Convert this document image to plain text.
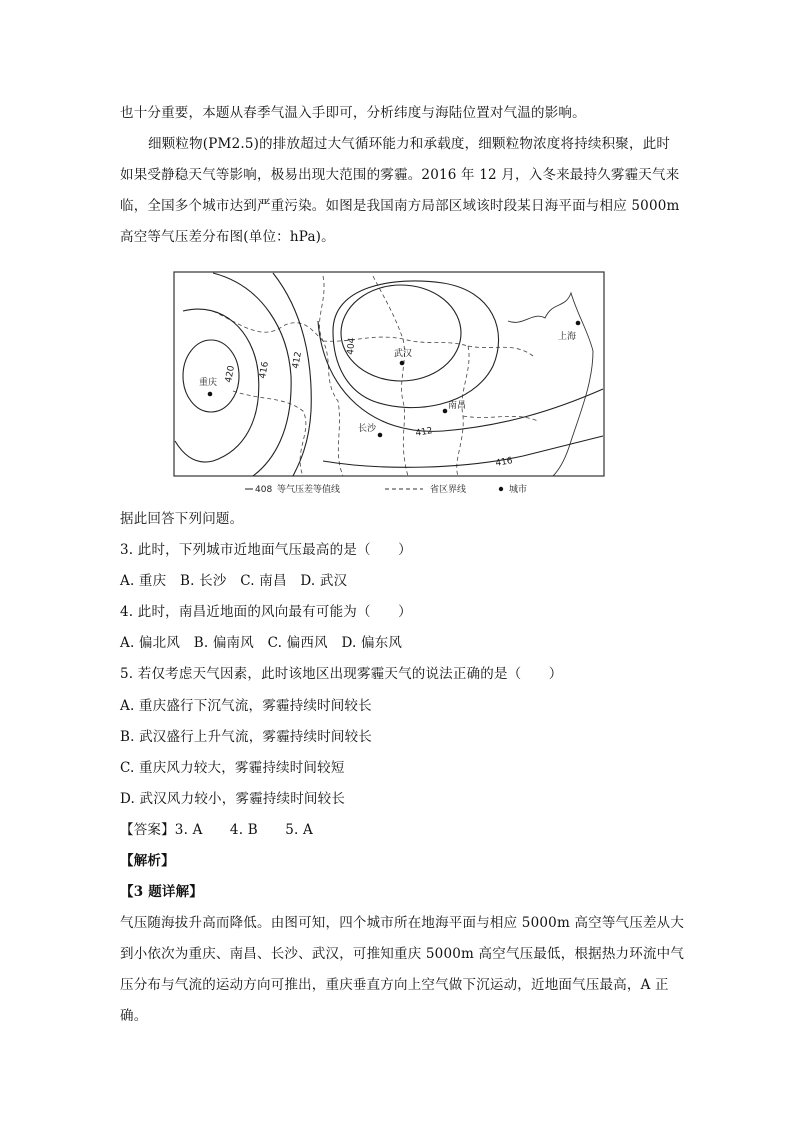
也十分重要，本题从春季气温入手即可，分析纬度与海陆位置对气温的影响。
细颗粒物(PM2.5)的排放超过大气循环能力和承载度，细颗粒物浓度将持续积聚，此时
如果受静稳天气等影响，极易出现大范围的雾霾。2016 年 12 月，入冬来最持久雾霾天气来
临，全国多个城市达到严重污染。如图是我国南方局部区域该时段某日海平面与相应 5000m
高空等气压差分布图(单位：hPa)。
420 416
412
404
416
412
重庆
武汉
长沙
南昌
上海
408 等气压差等值线	省区界线	城市
据此回答下列问题。
3. 此时，下列城市近地面气压最高的是（　　）
A. 重庆　B. 长沙　C. 南昌　D. 武汉
4. 此时，南昌近地面的风向最有可能为（　　）
A. 偏北风　B. 偏南风　C. 偏西风　D. 偏东风
5. 若仅考虑天气因素，此时该地区出现雾霾天气的说法正确的是（　　）
A. 重庆盛行下沉气流，雾霾持续时间较长
B. 武汉盛行上升气流，雾霾持续时间较长
C. 重庆风力较大，雾霾持续时间较短
D. 武汉风力较小，雾霾持续时间较长
【答案】3. A　　4. B　　5. A
【解析】
【3 题详解】
气压随海拔升高而降低。由图可知，四个城市所在地海平面与相应 5000m 高空等气压差从大
到小依次为重庆、南昌、长沙、武汉，可推知重庆 5000m 高空气压最低，根据热力环流中气
压分布与气流的运动方向可推出，重庆垂直方向上空气做下沉运动，近地面气压最高，A 正
确。
